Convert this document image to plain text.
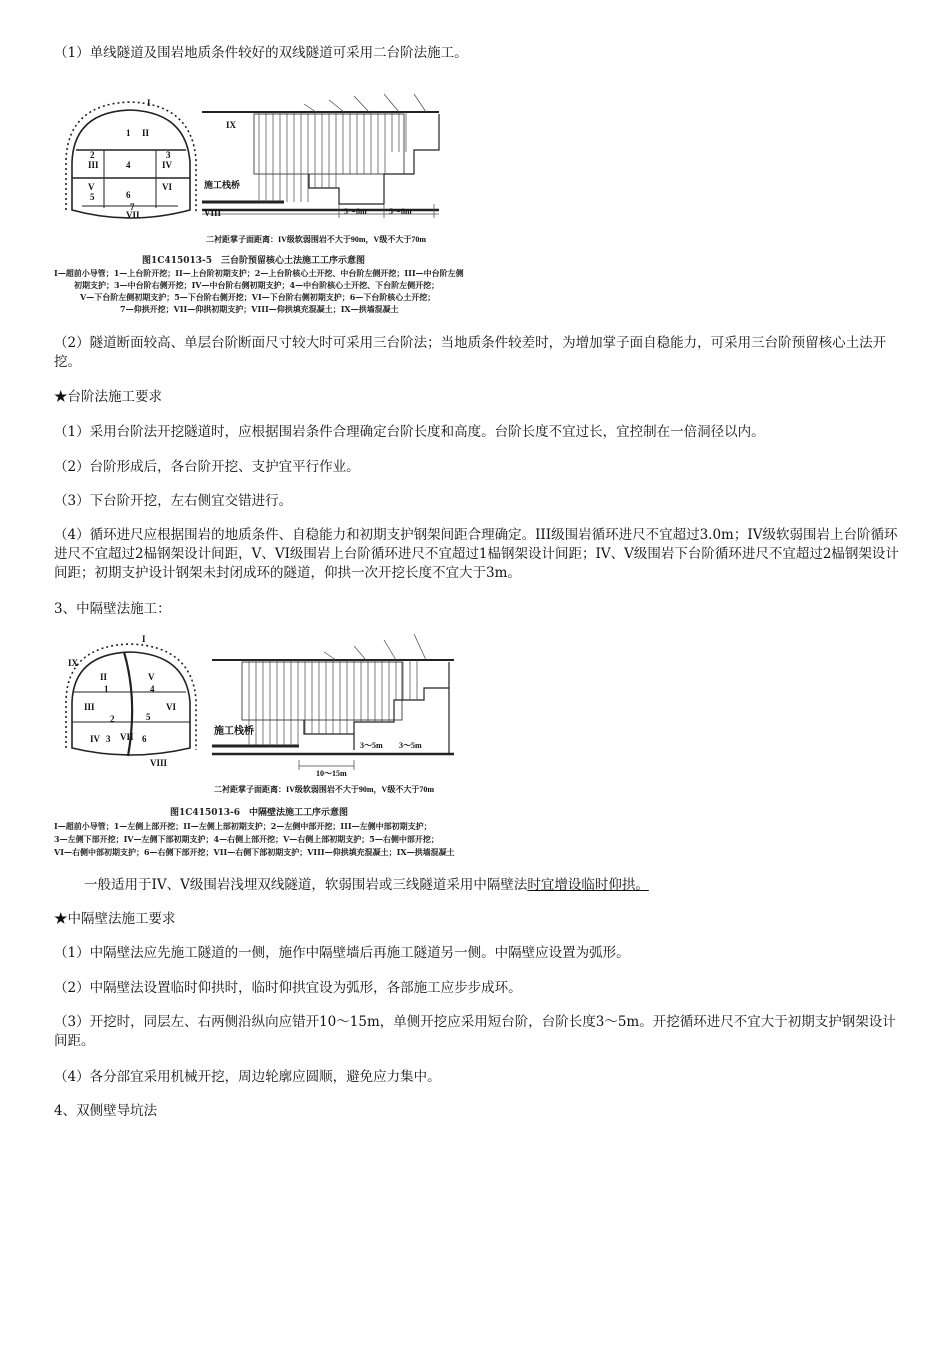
（1）单线隧道及围岩地质条件较好的双线隧道可采用二台阶法施工。

I
II
III	IV
V	VI
VII	VIII
IX
1
2	3
4
5	6
7
施工栈桥
5～8m	5～8m
二衬距掌子面距离：IV级软弱围岩不大于90m，V级不大于70m
图1C415013-5　三台阶预留核心土法施工工序示意图
I—超前小导管；1—上台阶开挖；II—上台阶初期支护；2—上台阶核心土开挖、中台阶左侧开挖；III—中台阶左侧
初期支护；3—中台阶右侧开挖；IV—中台阶右侧初期支护；4—中台阶核心土开挖、下台阶左侧开挖；
V—下台阶左侧初期支护；5—下台阶右侧开挖；VI—下台阶右侧初期支护；6—下台阶核心土开挖；
7—仰拱开挖；VII—仰拱初期支护；VIII—仰拱填充混凝土；IX—拱墙混凝土

（2）隧道断面较高、单层台阶断面尺寸较大时可采用三台阶法；当地质条件较差时，为增加掌子面自稳能力，可采用三台阶预留核心土法开挖。

★台阶法施工要求

（1）采用台阶法开挖隧道时，应根据围岩条件合理确定台阶长度和高度。台阶长度不宜过长，宜控制在一倍洞径以内。

（2）台阶形成后，各台阶开挖、支护宜平行作业。

（3）下台阶开挖，左右侧宜交错进行。

（4）循环进尺应根据围岩的地质条件、自稳能力和初期支护钢架间距合理确定。III级围岩循环进尺不宜超过3.0m；IV级软弱围岩上台阶循环进尺不宜超过2榀钢架设计间距，V、VI级围岩上台阶循环进尺不宜超过1榀钢架设计间距；IV、V级围岩下台阶循环进尺不宜超过2榀钢架设计间距；初期支护设计钢架未封闭成环的隧道，仰拱一次开挖长度不宜大于3m。

3、中隔壁法施工：

I
II
III
IV
V
VI
VII
VIII
IX
1
2
3
4
5
6
施工栈桥
3～5m 3～5m
10～15m
二衬距掌子面距离：IV级软弱围岩不大于90m，V级不大于70m
图1C415013-6　中隔壁法施工工序示意图
I—超前小导管；1—左侧上部开挖；II—左侧上部初期支护；2—左侧中部开挖；III—左侧中部初期支护；
3—左侧下部开挖；IV—左侧下部初期支护；4—右侧上部开挖；V—右侧上部初期支护；5—右侧中部开挖；
VI—右侧中部初期支护；6—右侧下部开挖；VII—右侧下部初期支护；VIII—仰拱填充混凝土；IX—拱墙混凝土

一般适用于IV、V级围岩浅埋双线隧道，软弱围岩或三线隧道采用中隔壁法时宜增设临时仰拱。

★中隔壁法施工要求

（1）中隔壁法应先施工隧道的一侧，施作中隔壁墙后再施工隧道另一侧。中隔壁应设置为弧形。

（2）中隔壁法设置临时仰拱时，临时仰拱宜设为弧形，各部施工应步步成环。

（3）开挖时，同层左、右两侧沿纵向应错开10～15m，单侧开挖应采用短台阶，台阶长度3～5m。开挖循环进尺不宜大于初期支护钢架设计间距。

（4）各分部宜采用机械开挖，周边轮廓应圆顺，避免应力集中。

4、双侧壁导坑法
